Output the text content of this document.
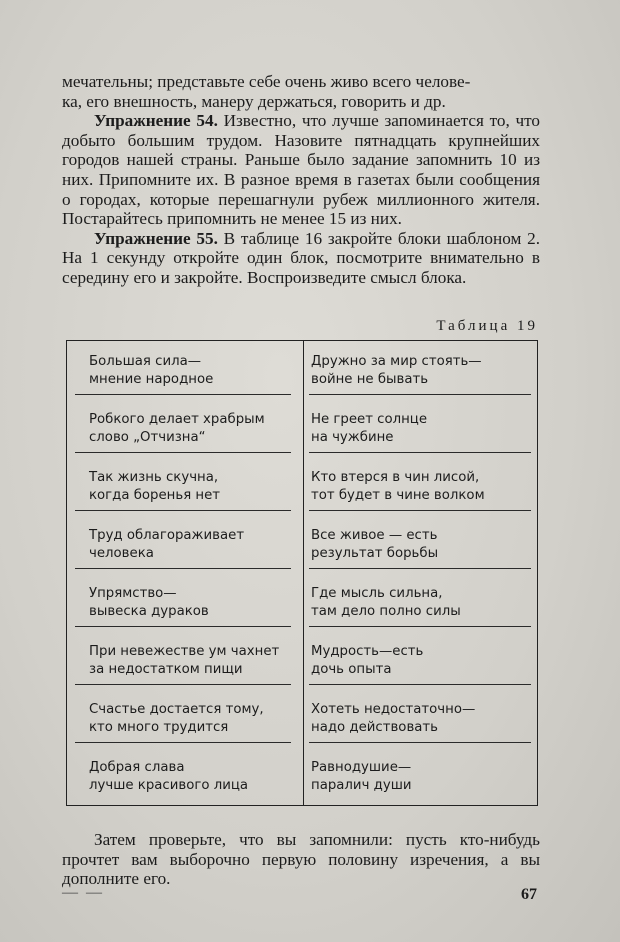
мечательны; представьте себе очень живо всего челове-
ка, его внешность, манеру держаться, говорить и др.

Упражнение 54. Известно, что лучше запоминается то, что добыто большим трудом. Назовите пятнадцать крупнейших городов нашей страны. Раньше было задание запомнить 10 из них. Припомните их. В разное время в газетах были сообщения о городах, которые перешагнули рубеж миллионного жителя. Постарайтесь припомнить не менее 15 из них.

Упражнение 55. В таблице 16 закройте блоки шаблоном 2. На 1 секунду откройте один блок, посмотрите внимательно в середину его и закройте. Воспроизведите смысл блока.

Таблица 19
Большая сила—
мнение народное
Робкого делает храбрым
слово „Отчизна“
Так жизнь скучна,
когда боренья нет
Труд облагораживает
человека
Упрямство—
вывеска дураков
При невежестве ум чахнет
за недостатком пищи
Счастье достается тому,
кто много трудится
Добрая слава
лучше красивого лица
Дружно за мир стоять—
войне не бывать
Не греет солнце
на чужбине
Кто втерся в чин лисой,
тот будет в чине волком
Все живое — есть
результат борьбы
Где мысль сильна,
там дело полно силы
Мудрость—есть
дочь опыта
Хотеть недостаточно—
надо действовать
Равнодушие—
паралич души

Затем проверьте, что вы запомнили: пусть кто-нибудь прочтет вам выборочно первую половину изречения, а вы дополните его.

— —	67
